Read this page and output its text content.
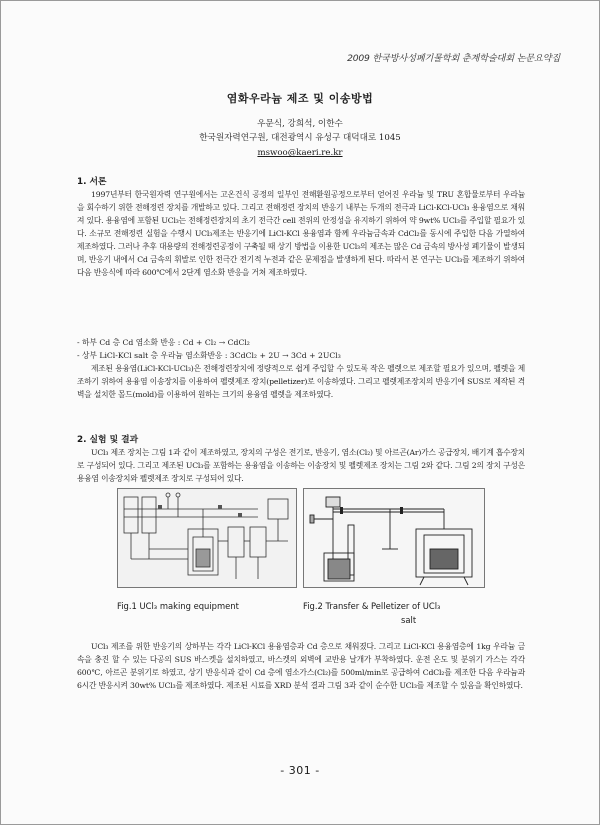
2009 한국방사성폐기물학회 춘계학술대회 논문요약집
염화우라늄 제조 및 이송방법
우문식, 강희석, 이한수
한국원자력연구원, 대전광역시 유성구 대덕대로 1045
mswoo@kaeri.re.kr
1. 서론

1997년부터 한국원자력 연구원에서는 고온건식 공정의 일부인 전해환원공정으로부터 얻어진 우라늄 및 TRU 혼합물로부터 우라늄을 회수하기 위한 전해정련 장치를 개발하고 있다. 그리고 전해정련 장치의 반응기 내부는 두개의 전극과 LiCl-KCl-UCl₃ 용융염으로 채워져 있다. 용융염에 포함된 UCl₃는 전해정련장치의 초기 전극간 cell 전위의 안정성을 유지하기 위하여 약 9wt% UCl₃를 주입할 필요가 있다. 소규모 전해정련 실험을 수행시 UCl₃제조는 반응기에 LiCl-KCl 용융염과 함께 우라늄금속과 CdCl₂를 동시에 주입한 다음 가열하여 제조하였다. 그러나 추후 대용량의 전해정련공정이 구축될 때 상기 방법을 이용한 UCl₃의 제조는 많은 Cd 금속의 방사성 폐기물이 발생되며, 반응기 내에서 Cd 금속의 휘발로 인한 전극간 전기적 누전과 같은 문제점을 발생하게 된다. 따라서 본 연구는 UCl₃를 제조하기 위하여 다음 반응식에 따라 600℃에서 2단계 염소화 반응을 거쳐 제조하였다.

- 하부 Cd 층 Cd 염소화 반응 : Cd + Cl₂ → CdCl₂
- 상부 LiCl-KCl salt 층 우라늄 염소화반응 : 3CdCl₂ + 2U → 3Cd + 2UCl₃

제조된 용융염(LiCl-KCl-UCl₃)은 전해정련장치에 정량적으로 쉽게 주입할 수 있도록 작은 펠렛으로 제조할 필요가 있으며, 펠렛을 제조하기 위하여 용융염 이송장치를 이용하여 펠렛제조 장치(pelletizer)로 이송하였다. 그리고 펠렛제조장치의 반응기에 SUS로 제작된 격벽을 설치한 몰드(mold)를 이용하여 원하는 크기의 용융염 펠렛을 제조하였다.

2. 실험 및 결과

UCl₃ 제조 장치는 그림 1과 같이 제조하였고, 장치의 구성은 전기로, 반응기, 염소(Cl₂) 및 아르곤(Ar)가스 공급장치, 배기계 흡수장치로 구성되어 있다. 그리고 제조된 UCl₃를 포함하는 용융염을 이송하는 이송장치 및 펠렛제조 장치는 그림 2와 같다. 그림 2의 장치 구성은 용융염 이송장치와 펠렛제조 장치로 구성되어 있다.

Fig.1 UCl₃ making equipment	Fig.2 Transfer & Pelletizer of UCl₃
salt

UCl₃ 제조를 위한 반응기의 상하부는 각각 LiCl-KCl 용융염층과 Cd 층으로 채워졌다. 그리고 LiCl-KCl 용융염층에 1kg 우라늄 금속을 충진 할 수 있는 다공의 SUS 바스켓을 설치하였고, 바스켓의 외벽에 교반용 날개가 부착하였다. 운전 온도 및 분위기 가스는 각각 600℃, 아르곤 분위기로 하였고, 상기 반응식과 같이 Cd 층에 염소가스(Cl₂)를 500ml/min로 공급하여 CdCl₂를 제조한 다음 우라늄과 6시간 반응시켜 30wt% UCl₃를 제조하였다. 제조된 시료를 XRD 분석 결과 그림 3과 같이 순수한 UCl₃를 제조할 수 있음을 확인하였다.

- 301 -
